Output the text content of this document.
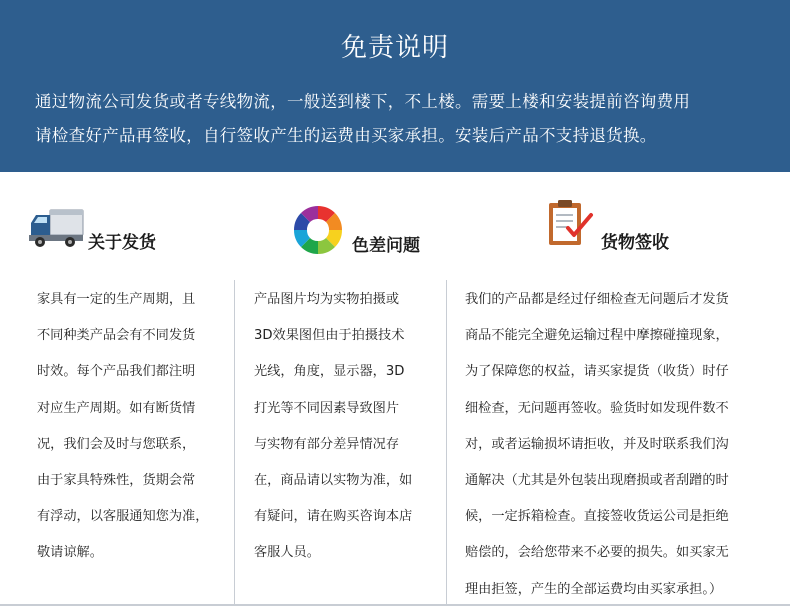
免责说明
通过物流公司发货或者专线物流，一般送到楼下，不上楼。需要上楼和安装提前咨询费用
请检查好产品再签收，自行签收产生的运费由买家承担。安装后产品不支持退货换。
关于发货	色差问题	货物签收
家具有一定的生产周期，且
不同种类产品会有不同发货
时效。每个产品我们都注明
对应生产周期。如有断货情
况，我们会及时与您联系，
由于家具特殊性，货期会常
有浮动，以客服通知您为准，
敬请谅解。
产品图片均为实物拍摄或
3D效果图但由于拍摄技术
光线，角度，显示器，3D
打光等不同因素导致图片
与实物有部分差异情况存
在，商品请以实物为准，如
有疑问，请在购买咨询本店
客服人员。
我们的产品都是经过仔细检查无问题后才发货
商品不能完全避免运输过程中摩擦碰撞现象，
为了保障您的权益，请买家提货（收货）时仔
细检查，无问题再签收。验货时如发现件数不
对，或者运输损坏请拒收，并及时联系我们沟
通解决（尤其是外包装出现磨损或者刮蹭的时
候，一定拆箱检查。直接签收货运公司是拒绝
赔偿的，会给您带来不必要的损失。如买家无
理由拒签，产生的全部运费均由买家承担。）
